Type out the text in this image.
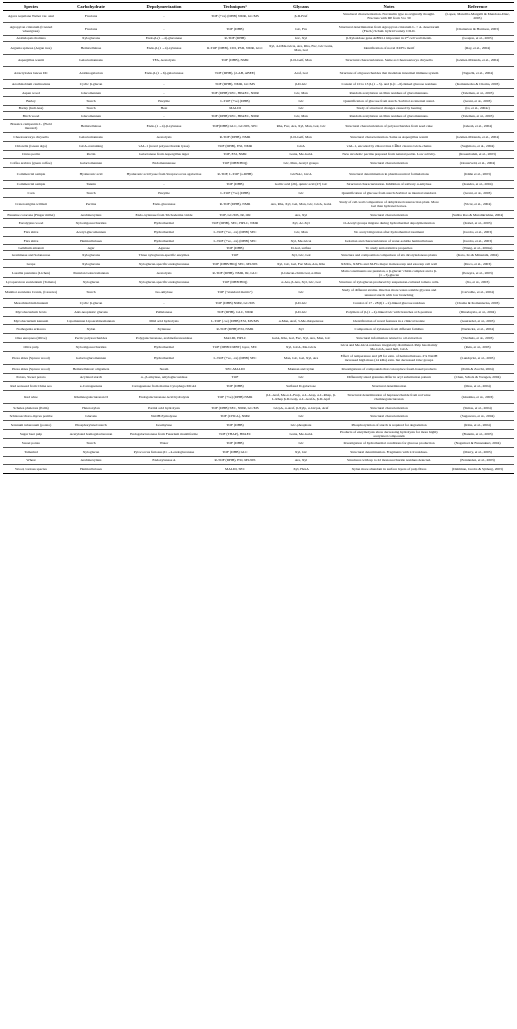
Species	Carbohydrate	Depolymerization	Techniques¹	Glycans	Notes	Reference
Agave tequilana Weber var. azul	Fructans	-	TOF (+ve) (DHB) NMR, GC/MS	β-D-Fruf	Structural characterization. Not inulin type as originally thought. Fructans with DP from 3 to 30	(Lopez, Mancilla-Margalli & Mendoza-Diaz, 2003)
Agropyron cristatum (Crested wheatgrass)	Fructans	-	TOF (DHB)	Glc, Fru	Structural determination from Agropyron cristatum L. × A. desertorum (Fisch.) Schult. hybrid variety CD-II.	(Chatterton & Harrison, 2003)
Arabidopsis thaliana	Xyloglucans	Endo-β-(1→4)-glucanase	R-TOF (DHB)	Glc, Xyl	β-Xylosidase gene AtBXL1 important in 2ⁿᵈ cell wall metab.	(Goujon, et al., 2003)
Argania spinosa (Argan tree)	Hemicellulose	Endo-β-(1→4)-xylanase	R-TOF (DHB), CID, PSD, NMR, GLC	Xyl, 4-OMe-GlcA, Ara, Rha, Fuc, Glc GalA, Man, Gal	Identification of novel XUFG motif	(Ray, et al., 2004)
Aspergillus wentii	Galactomannans	TFA, Acetolysis	TOF (DHB), NMR	β-D-Galf, Man	Structural characterization. Same as Chaetosartorya chrysella	(Gómez-Miranda, et al., 2004)
Atractylodes lancea DC	Arabinogalactan	Endo-β-(1→6)-galactanase	TOF (DHB), (2-AB, ABEE)	Araf, Gal	Structure of oligosaccharides that modulate intestinal immune system	(Taguchi, et al., 2004)
Azorhizobium caulinodans	Cyclic β-glucan	-	TOF (DHB), NMR, GC/MS	β-D-Glc	Consist of 10 to 13 β-(1→3)- and β-(1→6)-linked glucose residues	(Komaniecka & Choma, 2003)
Aspen wood	Glucomannan	-	TOF (DHB) SEC, HPAEC, NMR	Glc, Man	Random acetylation on Man residues of glucomannans.	(Teleman, et al., 2003)
Barley	Starch	Enzyme	L-TOF (+ve) (DHB)	Glc	Quantification of glucose from starch. Sorbitol as internal stand.	(Grant, et al., 2003)
Barley (hull-less)	Starch	Heat	MALDI	Glc	Study of structural changes caused by heating	(Li, et al., 2004c)
Birch wood	Glucomannan	-	TOF (DHB) SEC, HPAEC, NMR	Glc, Man	Random acetylation on Man residues of glucomannans.	(Teleman, et al., 2003)
Brassica campestris L. (Field mustard)	Hemicellulose	Endo-(1→4)-β-xylanase	TOF(DHB) GLC, GC/MS, SEC	Rha, Fuc, Ara, Xyl, Man, Gal, Glc	Structural characterization of polysaccharides from seed cake	(Ghosh, et al., 2004)
Chaetosartorya chrysella	Galactomannans	Acetolysis	R-TOF (DHB), NMR	β-D-Galf, Man	Structural characterization. Same as Aspergillus wentii	(Gómez-Miranda, et al., 2004)
Chlorella (Green alga)	GlcA-containing	vAL-1 (novel polysaccharide lyase)	TOF (DHB), ESI, NMR	GlcA	vAL-1, encoded by chlorovirus CⅡK2 cleaves GlcA-chains	(Sugimoto, et al., 2004)
Citrus pectin	Pectin	Galactanase from Aspergillus niger	TOF, ESI, NMR	GalA, Me-GalA	New alcoholic pectins prepared from natural pectin. Low activity.	(Rosenbohm, et al., 2003)
Coffea arabica (green coffee)	Galactomannan	Endomannanase	TOF (DHB/HIQ)	Glc, Man, Acetyl groups	Structural characterization	(Oosterveld, et al., 2004)
Commercial sample	Hyaluronic acid	Hyaluronic acid lyase from Streptococcus agalactiae	R-TOF, L-TOF (s-DHB)	GlcNAc, GlcA	Structural determination in pharmaceutical formulations	(Kühn et al., 2003)
Commercial sample	Tannin	-	TOF (DHB)	Gallic acid (26), quinic acid (27) Glc	Structural characterization. Inhibition of salivary α-amylase	(Kandra, et al., 2004)
Corn	Starch	Enzyme	L-TOF (+ve) (DHB)	Glc	Quantification of glucose from starch.Sorbitol as internal standard.	(Grant, et al., 2003)
Craterostigma wilmsii	Pectins	Endo-glucanase	R-TOF (DHB), NMR	Ara, Rha, Xyl, Gal, Man, Glc, GlcA, GalA	Study of cell-wall composition of dehydrated resurrection plant. More Gal than hydrated leaves.	(Vicré, et al., 2004)
Eleusine coracana (Finger millet)	Arabinoxylans	Endo-xylanase from Trichoderma viride	TOF, GC/MS, IR, OR	Ara, Xyl	Structural characterization	(Subba Rao & Muralikrishna, 2004)
Eucalyptus wood	Xylooligosaccharides	Hydrothermal	TOF (DHB), SEC, HPLC, NMR	Xyl, Ac-Xyl	O-Acetyl groups migrate during hydrothermal depolymerization	(Kabel, et al., 2003)
Flax shive	Acetyl-glucomannan	Hydrothermal	L-TOF (+ve, -ve) (DHB) SEC	Glc, Man	No acetyl migration after hydrothermal treatment	(Jacobs, et al., 2003)
Flax shive	Hemicelluloses	Hydrothermal	L-TOF (+ve, -ve) (DHB) SEC	Xyl, Me-GlcA	Isolation and characterization of water-soluble hemicelluloses	(Jacobs, et al., 2003)
Gelidium amansii	Agar	Agarase	TOF (DHB)	D-Gal, sulfate	To study antioxidative properties	(Wang, et al., 2004a)
Gramineae and Solanaceae	Xyloglucans	Three xyloglucan-specific enzymes	TOF	Xyl, Glc, Gal	Structure and composition comparison of six dicotyledonous plants	(Kato, Ito & Mitsuishi, 2004)
Grape	Xyloglucans	Xyloglucan-specific endoglucanase	TOF (DHB/HIQ) SEC, MS/MS	Xyl, Glc, Gal, Fuc Man, Ara, Rha	XXXG, XXFG and XLFG major in mesocarp and exocarp cell wall	(Doco, et al., 2003)
Lasallia pustulata (Lichen)	Pustulan Galactomannan	Acetolysis	R-TOF (DHB), NMR, IR, GLC	β-Glucan-chitin Gal, α-Man	Main constituents are pustulan, a β-glucan−chitin complex and a β-(1→3)-glucan	(Pereyra, et al., 2003)
Lycopersicon esculentum (Tomato)	Xyloglucan	Xyloglucan-specific endoglucanase	TOF (DHB/HIQ)	α-Ara, β-Ara, Xyl, Glc, Gal	Structure of xyloglucan produced by suspension-cultured tomato cells.	(Jia, et al., 2003)
Manihot esculenta Crantz, (Cassava)	Starch	Iso-amylase	TOF ("standard matrix")	Glc	Study of different strains. One has more water-soluble glycans and unusual starch with low branching	(Carvalho, et al., 2004)
Mesorhizobium huakuii	Cyclic β-glucan	-	TOF (DHB) NMR, GC/MS	β-D-Glc	Consist of 17 - 28 β(1→2)-linked glucose residues	(Choma & Komaniecka, 2003)
Mycobacterium bovis	Anti-neoplastic glucans	Pullulanase	TOF (DHB), GLC, NMR	β-D-Glc	Polymers of β-(1→4)-linked Glc with branches at 6-position	(Dinadayala, et al., 2004)
Mycobacterium kansasii	Lipomannan Lipoarabinomannan	Mild acid hydrolysis	L-TOF (-ve) (DHB) ESI, MS/MS	α-Man, Araf, 5-Me-thiopentose	Identification of novel features in a clinical isolate	(Guérardel, et al., 2003)
Nothogenia erinacea	Xylan	Xylanase	R-TOF (DHB) ESI, NMR	Xyl	Comparison of xylanases from different families	(Nerinckx, et al., 2004)
Olea europaea (Olive)	Pectic polysaccharides	Polygalacturonase, arabinofuranosidase	MALDI, HPLC	GalA, Rha, Gal, Fuc, Xyl, Ara, Man, Glc	Structural information related to oil extraction	(Vierhuis, et al., 2003)
Olive pulp	Xylooligosaccharides	Hydrothermal	TOF (DHB/CMBT) layer, SEC	Xyl, GlcA, Me-GlcA	GlcA and Me-GlcA residues irregularly distributed. Pulp has mainly Me-GlcA, seed hull, GlcA	(Reis, et al., 2003)
Picea abies (Spruce wood)	Galactoglucomannan	Hydrothermal	L-TOF (+ve, -ve) (DHB) SEC	Man, Glc, Gal, Xyl, Ara	Effect of temperature and pH for extn. of hemicelluloses. 2% NaOH increased high mass (14 kDa) extn. but decreased OAc groups	(Lundqvist, et al., 2003)
Picea abies (Spruce wood)	Hemicellulosic oligomers	Steam	SEC-MALDI	Mannan and xylan	Investigations of compounds that can replace fossil-based products	(Palm & Zacchi, 2004)
Potato, Sweet potato	Acylated starch	α-, β-amylase, amyloglucosidase	TOF	Glc	Differently sized granules differ in acyl substitution pattern	(Chen, Schols & Voragen, 2004)
Red seaweed from China sea	κ-Carrageenans	Carrageenase from marine Cytophaga MCA2	TOF (DHB)	Sulfated D-galactose	Structural determination	(Mou, et al., 2004)
Red wine	Rhamnogalacturonan II	Endogalacturonase Acid hydrolysis	TOF (+ve) (DHB) NMR	β-L-Araf, Me-α-L-Fucp, α-L-Arap, α-L-Rhap, β-L-Rhap β-D-Galp, α-L-AcefA, β-D-Apif	Structural determination of heptasaccharide from red wine rhamnogalacturonan	(Glushka, et al., 2003)
Schelea phalerata (Palm)	Heteroxylan	Partial acid hydrolysis	TOF (DHB) SEC, NMR, GC/MS	GlcpA, α-Araf, β-Xylp, α-GlcpA, Araf	Structural characterization	(Simas, et al., 2004)
Schizosaccharo-myces pombe	Glucans	NaOH/Zymolyase	TOF (CHCA), NMR	Glc	Structural characterization	(Sugawara, et al., 2004)
Solanum tuberosum (potato)	Phosphorylated starch	Isoamylase	TOF (DHB)	Glc-phosphate	Phosphorylation of starch is required for degradation	(Ritte, et al., 2004)
Sugar beet pulp	Acetylated homogalacturonan	Endogalacturonase from Fusarium moniliforme	TOF (THAP), HPAEC	GalA, Me-GalA	Products of enzymolysis show decreasing hydrolysis for more highly acetylated compounds	(Bonnin, et al., 2003)
Sweet potato	Starch	Water	TOF (DHB)	Glc	Investigation of hydrothermal conditions for glucose production	(Nagamori & Funazukuri, 2004)
Tamarind	Xyloglucan	Pyrococcus furiosus β1→4-endoglucanase	TOF (DHB) GLC	Xyl, Glc	Structural determination. Fragments with 2-9 residues.	(Marry, et al., 2003)
Wheat	Arabinoxylans	Endoxylanase A	R-TOF (DHB), ESI, MS/MS	Ara, Xyl	Structures with up to 22 monosaccharide residues detected.	(Fernández, et al., 2003)
Wood, various species	Hemicelluloses	-	MALDI, SEC	Xyl, HexA	Xylan more abundant in surface layers of pulp fibres	(Dahlman, Jacobs & Sjöberg, 2003)
